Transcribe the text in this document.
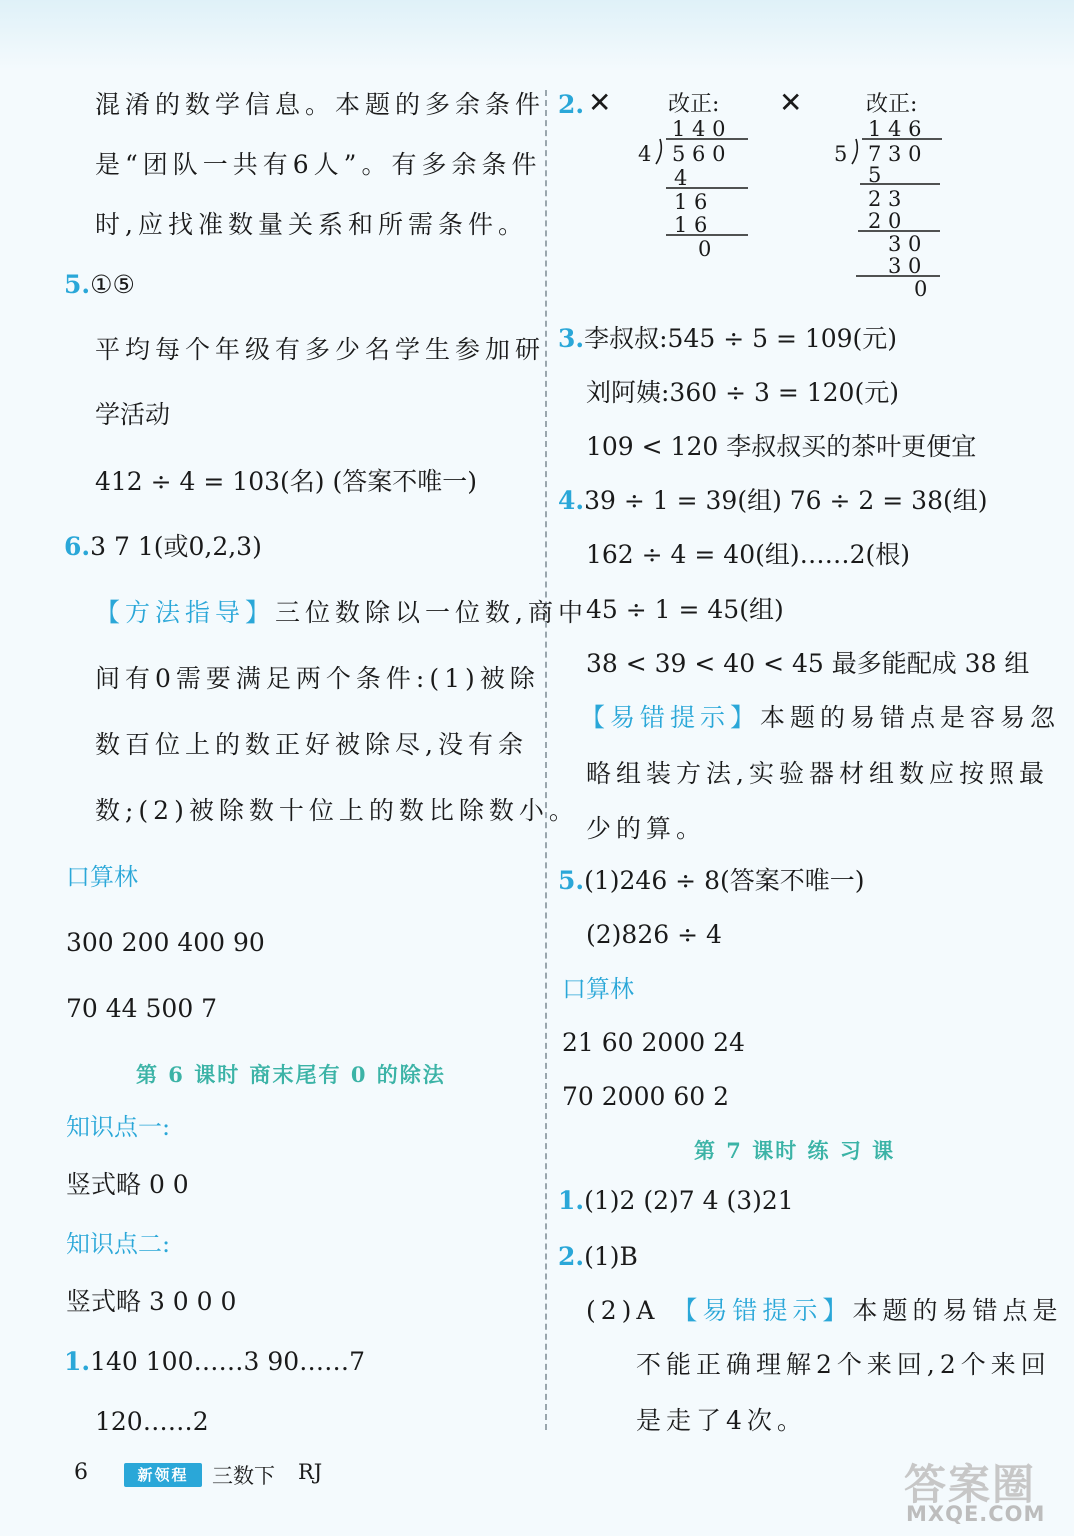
混淆的数学信息。本题的多余条件
是“团队一共有6人”。有多余条件
时,应找准数量关系和所需条件。
5.①⑤
平均每个年级有多少名学生参加研
学活动
412 ÷ 4 = 103(名) (答案不唯一)
6.3 7 1(或0,2,3)
【方法指导】三位数除以一位数,商中
间有0需要满足两个条件:(1)被除
数百位上的数正好被除尽,没有余
数;(2)被除数十位上的数比除数小。
口算林
300 200 400 90
70 44 500 7
第 6 课时 商末尾有 0 的除法
知识点一:
竖式略 0 0
知识点二:
竖式略 3 0 0 0
1.140 100……3 90……7
120……2
2. ✕	改正: ✕	改正:
1 4 0
4 5 6 0
4
1 6
1 6
0
1 4 6
5 7 3 0
5
2 3
2 0
3 0
3 0
0
3.李叔叔:545 ÷ 5 = 109(元)
刘阿姨:360 ÷ 3 = 120(元)
109 < 120 李叔叔买的茶叶更便宜
4.39 ÷ 1 = 39(组) 76 ÷ 2 = 38(组)
162 ÷ 4 = 40(组)……2(根)
45 ÷ 1 = 45(组)
38 < 39 < 40 < 45 最多能配成 38 组
【易错提示】本题的易错点是容易忽
略组装方法,实验器材组数应按照最
少的算。
5.(1)246 ÷ 8(答案不唯一)
(2)826 ÷ 4
口算林
21 60 2000 24
70 2000 60 2
第 7 课时 练 习 课
1.(1)2 (2)7 4 (3)21
2.(1)B
(2)A 【易错提示】本题的易错点是
不能正确理解2个来回,2个来回
是走了4次。
6	新领程	三数下 RJ	答案圈
MXQE.COM
